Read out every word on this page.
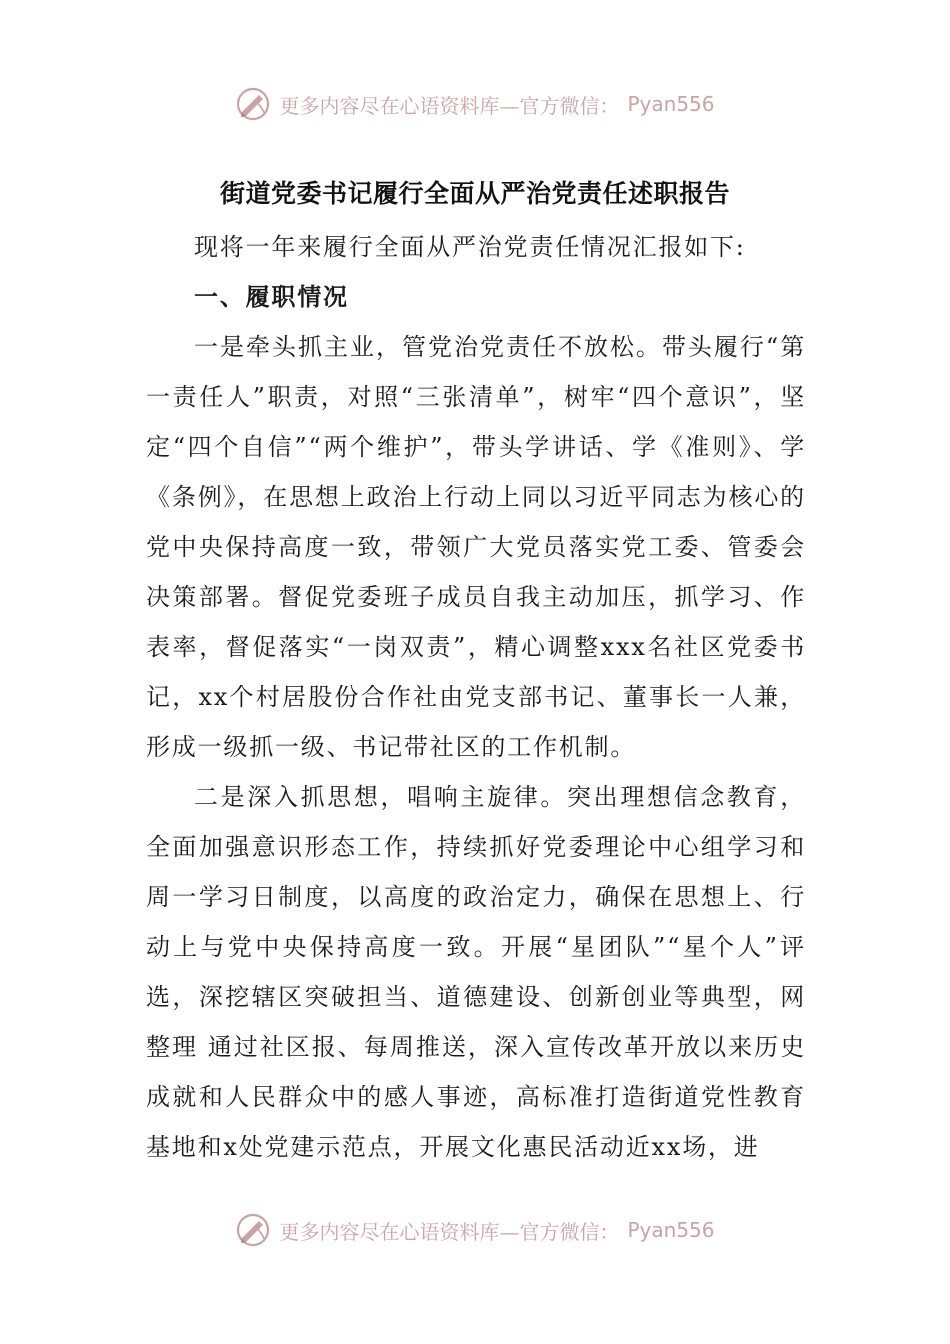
更多内容尽在心语资料库—官方微信： Pyan556
街道党委书记履行全面从严治党责任述职报告

现将一年来履行全面从严治党责任情况汇报如下:

一、履职情况

一是牵头抓主业，管党治党责任不放松。带头履行“第一责任人”职责，对照“三张清单”，树牢“四个意识”，坚定“四个自信”“两个维护”，带头学讲话、学《准则》、学《条例》，在思想上政治上行动上同以习近平同志为核心的党中央保持高度一致，带领广大党员落实党工委、管委会决策部署。督促党委班子成员自我主动加压，抓学习、作表率，督促落实“一岗双责”，精心调整xxx名社区党委书记，xx个村居股份合作社由党支部书记、董事长一人兼，形成一级抓一级、书记带社区的工作机制。

二是深入抓思想，唱响主旋律。突出理想信念教育，全面加强意识形态工作，持续抓好党委理论中心组学习和周一学习日制度，以高度的政治定力，确保在思想上、行动上与党中央保持高度一致。开展“星团队”“星个人”评选，深挖辖区突破担当、道德建设、创新创业等典型，网整理 通过社区报、每周推送，深入宣传改革开放以来历史成就和人民群众中的感人事迹，高标准打造街道党性教育基地和x处党建示范点，开展文化惠民活动近xx场，进

更多内容尽在心语资料库—官方微信： Pyan556
